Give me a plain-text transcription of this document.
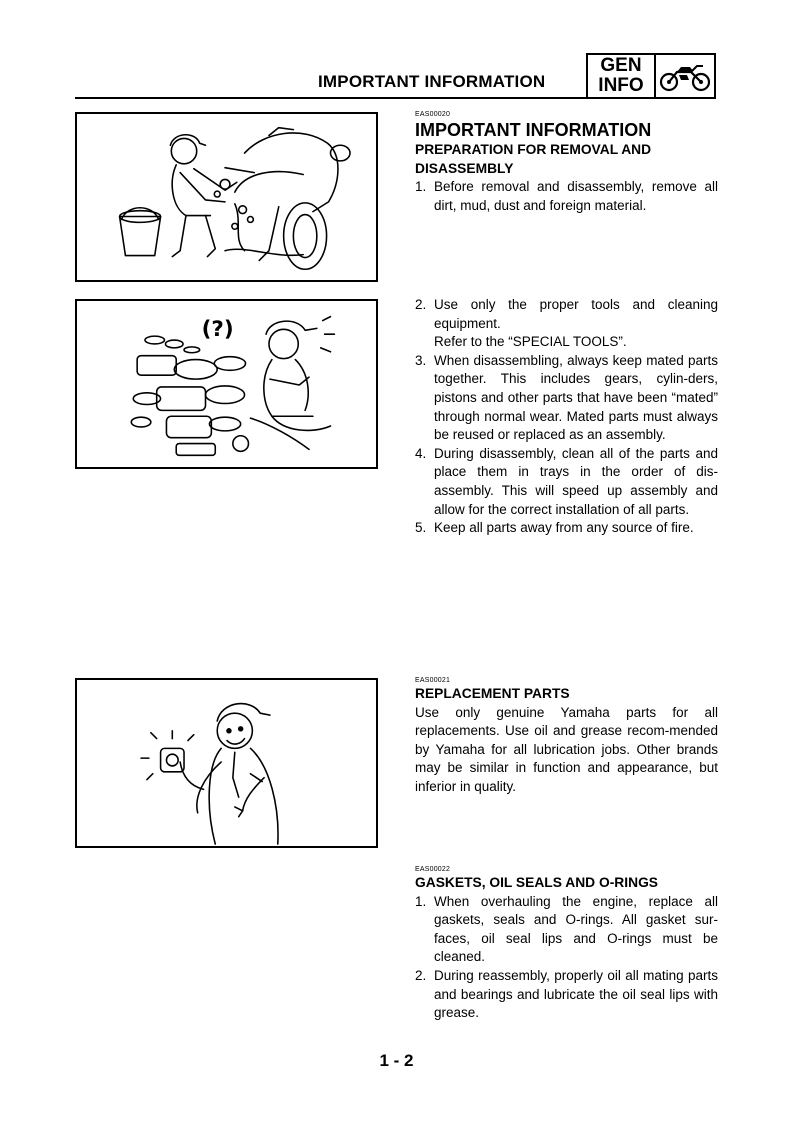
IMPORTANT INFORMATION
GEN
INFO
(?)
EAS00020
IMPORTANT INFORMATION
PREPARATION FOR REMOVAL AND DISASSEMBLY
1. Before removal and disassembly, remove all dirt, mud, dust and foreign material.

2. Use only the proper tools and cleaning equipment.

Refer to the “SPECIAL TOOLS”.

3. When disassembling, always keep mated parts together. This includes gears, cylin-ders, pistons and other parts that have been “mated” through normal wear. Mated parts must always be reused or replaced as an assembly.

4. During disassembly, clean all of the parts and place them in trays in the order of dis-assembly. This will speed up assembly and allow for the correct installation of all parts.

5. Keep all parts away from any source of fire.

EAS00021
REPLACEMENT PARTS

Use only genuine Yamaha parts for all replacements. Use oil and grease recom-mended by Yamaha for all lubrication jobs. Other brands may be similar in function and appearance, but inferior in quality.

EAS00022
GASKETS, OIL SEALS AND O-RINGS
1. When overhauling the engine, replace all gaskets, seals and O-rings. All gasket sur-faces, oil seal lips and O-rings must be cleaned.

2. During reassembly, properly oil all mating parts and bearings and lubricate the oil seal lips with grease.

1 - 2
